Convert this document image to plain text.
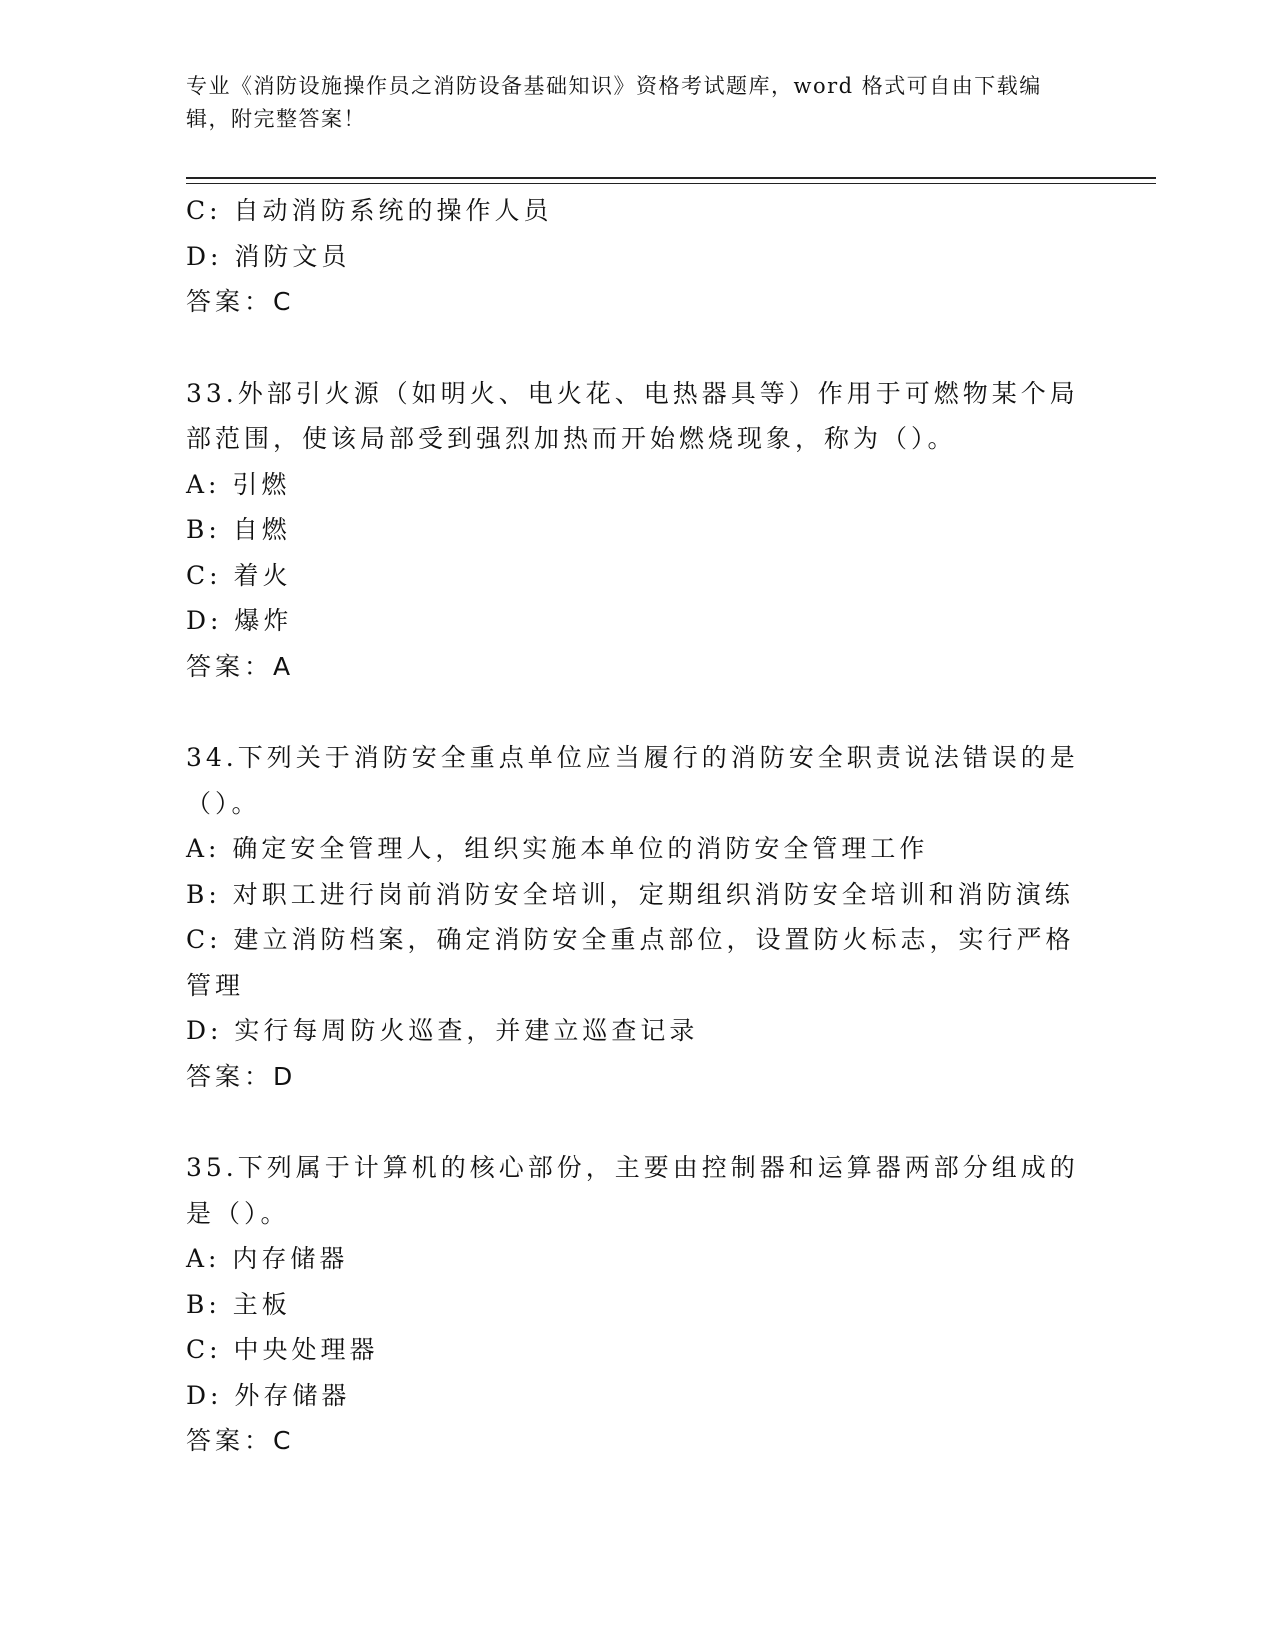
专业《消防设施操作员之消防设备基础知识》资格考试题库，word 格式可自由下载编辑，附完整答案！
C: 自动消防系统的操作人员
D: 消防文员
答案：C
33.外部引火源（如明火、电火花、电热器具等）作用于可燃物某个局部范围，使该局部受到强烈加热而开始燃烧现象，称为（）。
A: 引燃
B: 自燃
C: 着火
D: 爆炸
答案：A
34.下列关于消防安全重点单位应当履行的消防安全职责说法错误的是（）。
A: 确定安全管理人，组织实施本单位的消防安全管理工作
B: 对职工进行岗前消防安全培训，定期组织消防安全培训和消防演练
C: 建立消防档案，确定消防安全重点部位，设置防火标志，实行严格管理
D: 实行每周防火巡查，并建立巡查记录
答案：D
35.下列属于计算机的核心部份，主要由控制器和运算器两部分组成的是（）。
A: 内存储器
B: 主板
C: 中央处理器
D: 外存储器
答案：C
